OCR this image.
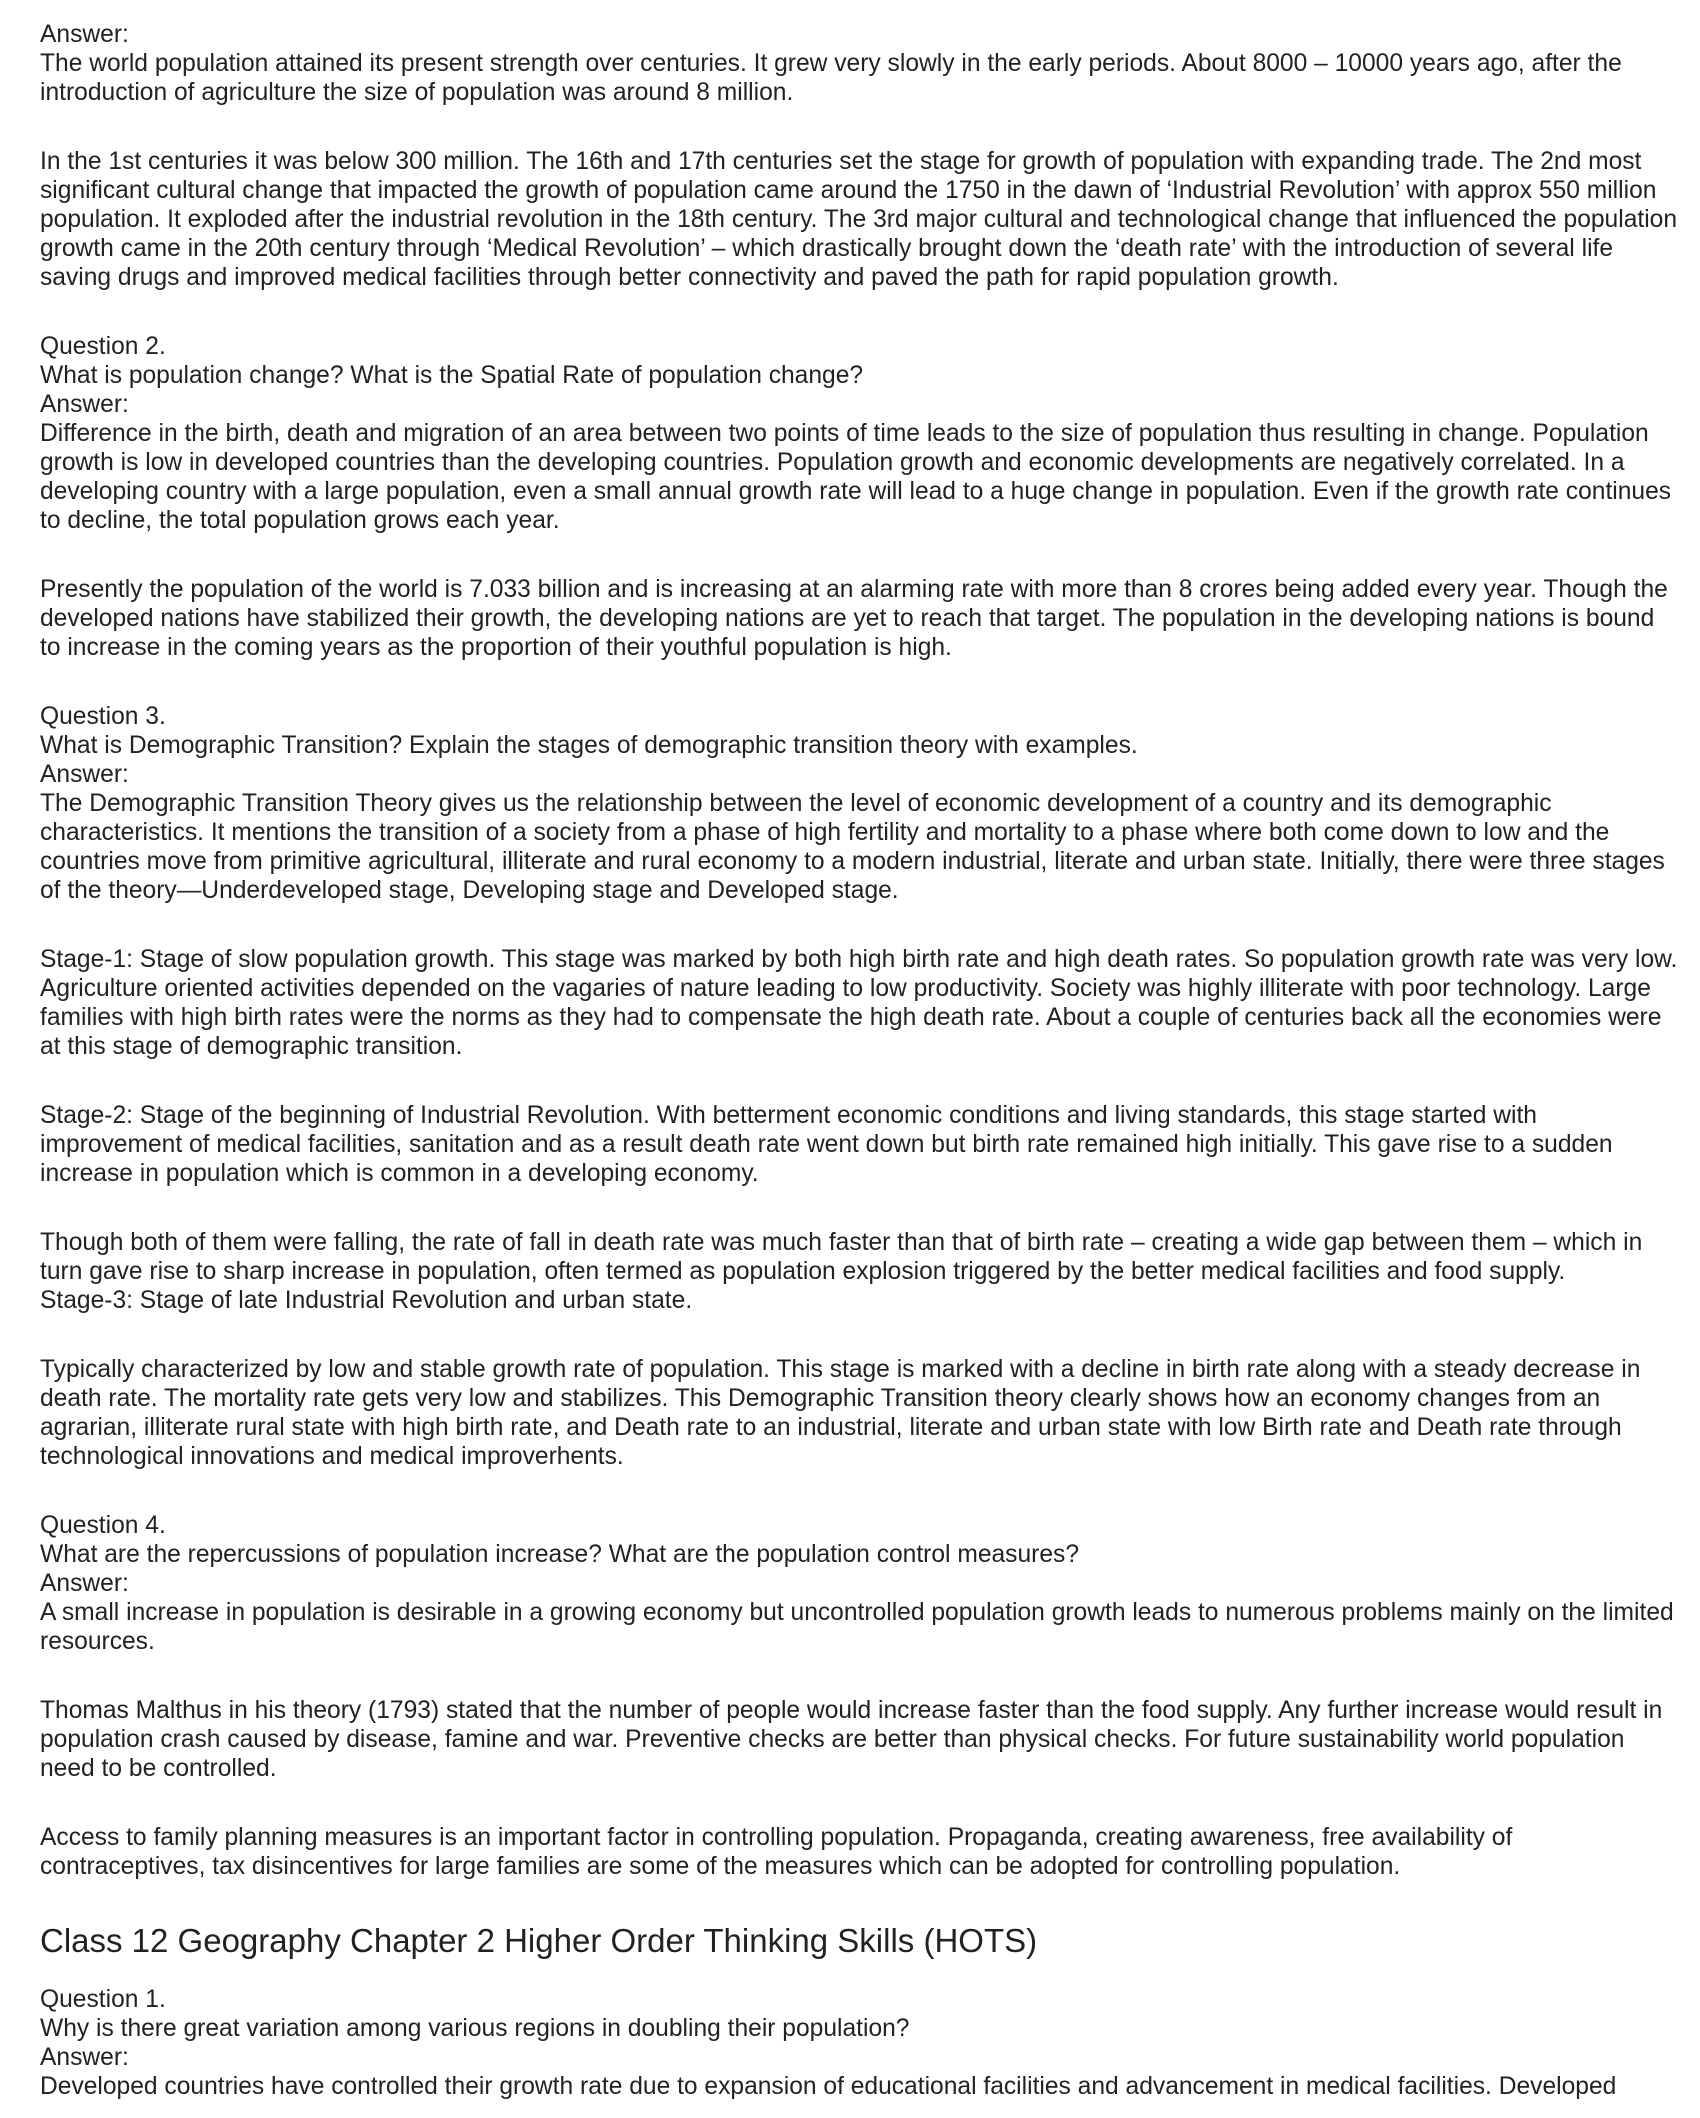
Answer:

The world population attained its present strength over centuries. It grew very slowly in the early periods. About 8000 – 10000 years ago, after the introduction of agriculture the size of population was around 8 million.

In the 1st centuries it was below 300 million. The 16th and 17th centuries set the stage for growth of population with expanding trade. The 2nd most significant cultural change that impacted the growth of population came around the 1750 in the dawn of ‘Industrial Revolution’ with approx 550 million population. It exploded after the industrial revolution in the 18th century. The 3rd major cultural and technological change that influenced the population growth came in the 20th century through ‘Medical Revolution’ – which drastically brought down the ‘death rate’ with the introduction of several life saving drugs and improved medical facilities through better connectivity and paved the path for rapid population growth.

Question 2.

What is population change? What is the Spatial Rate of population change?

Answer:

Difference in the birth, death and migration of an area between two points of time leads to the size of population thus resulting in change. Population growth is low in developed countries than the developing countries. Population growth and economic developments are negatively correlated. In a developing country with a large population, even a small annual growth rate will lead to a huge change in population. Even if the growth rate continues to decline, the total population grows each year.

Presently the population of the world is 7.033 billion and is increasing at an alarming rate with more than 8 crores being added every year. Though the developed nations have stabilized their growth, the developing nations are yet to reach that target. The population in the developing nations is bound to increase in the coming years as the proportion of their youthful population is high.

Question 3.

What is Demographic Transition? Explain the stages of demographic transition theory with examples.

Answer:

The Demographic Transition Theory gives us the relationship between the level of economic development of a country and its demographic characteristics. It mentions the transition of a society from a phase of high fertility and mortality to a phase where both come down to low and the countries move from primitive agricultural, illiterate and rural economy to a modern industrial, literate and urban state. Initially, there were three stages of the theory—Underdeveloped stage, Developing stage and Developed stage.

Stage-1: Stage of slow population growth. This stage was marked by both high birth rate and high death rates. So population growth rate was very low. Agriculture oriented activities depended on the vagaries of nature leading to low productivity. Society was highly illiterate with poor technology. Large families with high birth rates were the norms as they had to compensate the high death rate. About a couple of centuries back all the economies were at this stage of demographic transition.

Stage-2: Stage of the beginning of Industrial Revolution. With betterment economic conditions and living standards, this stage started with improvement of medical facilities, sanitation and as a result death rate went down but birth rate remained high initially. This gave rise to a sudden increase in population which is common in a developing economy.

Though both of them were falling, the rate of fall in death rate was much faster than that of birth rate – creating a wide gap between them – which in turn gave rise to sharp increase in population, often termed as population explosion triggered by the better medical facilities and food supply.

Stage-3: Stage of late Industrial Revolution and urban state.

Typically characterized by low and stable growth rate of population. This stage is marked with a decline in birth rate along with a steady decrease in death rate. The mortality rate gets very low and stabilizes. This Demographic Transition theory clearly shows how an economy changes from an agrarian, illiterate rural state with high birth rate, and Death rate to an industrial, literate and urban state with low Birth rate and Death rate through technological innovations and medical improverhents.

Question 4.

What are the repercussions of population increase? What are the population control measures?

Answer:

A small increase in population is desirable in a growing economy but uncontrolled population growth leads to numerous problems mainly on the limited resources.

Thomas Malthus in his theory (1793) stated that the number of people would increase faster than the food supply. Any further increase would result in population crash caused by disease, famine and war. Preventive checks are better than physical checks. For future sustainability world population need to be controlled.

Access to family planning measures is an important factor in controlling population. Propaganda, creating awareness, free availability of contraceptives, tax disincentives for large families are some of the measures which can be adopted for controlling population.

Class 12 Geography Chapter 2 Higher Order Thinking Skills (HOTS)

Question 1.

Why is there great variation among various regions in doubling their population?

Answer:

Developed countries have controlled their growth rate due to expansion of educational facilities and advancement in medical facilities. Developed
